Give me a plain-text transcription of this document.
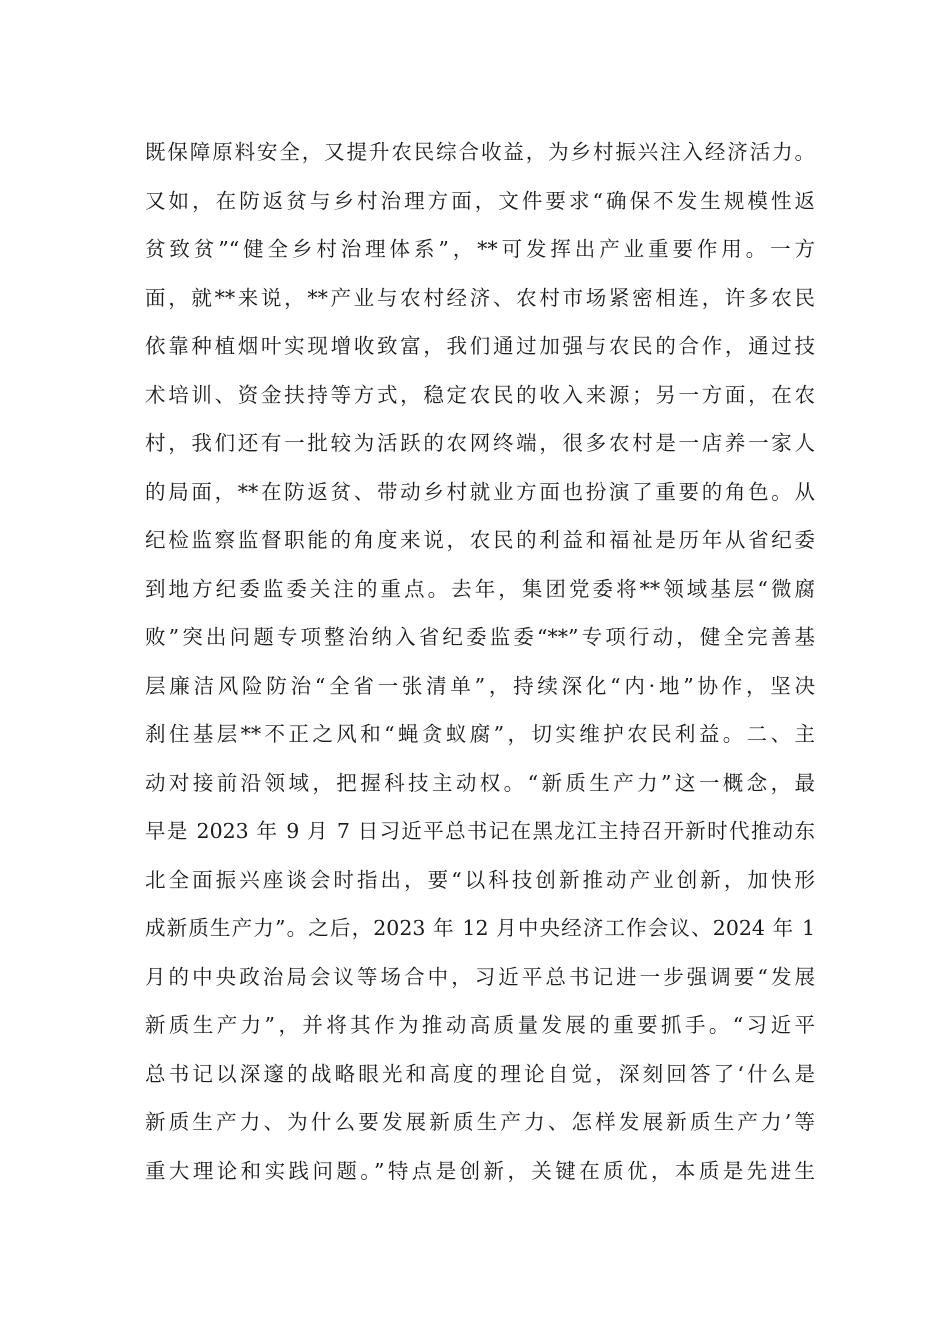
既保障原料安全，又提升农民综合收益，为乡村振兴注入经济活力。
又如，在防返贫与乡村治理方面，文件要求“确保不发生规模性返
贫致贫”“健全乡村治理体系”，**可发挥出产业重要作用。一方
面，就**来说，**产业与农村经济、农村市场紧密相连，许多农民
依靠种植烟叶实现增收致富，我们通过加强与农民的合作，通过技
术培训、资金扶持等方式，稳定农民的收入来源；另一方面，在农
村，我们还有一批较为活跃的农网终端，很多农村是一店养一家人
的局面，**在防返贫、带动乡村就业方面也扮演了重要的角色。从
纪检监察监督职能的角度来说，农民的利益和福祉是历年从省纪委
到地方纪委监委关注的重点。去年，集团党委将**领域基层“微腐
败”突出问题专项整治纳入省纪委监委“**”专项行动，健全完善基
层廉洁风险防治“全省一张清单”，持续深化“内·地”协作，坚决
刹住基层**不正之风和“蝇贪蚁腐”，切实维护农民利益。二、主
动对接前沿领域，把握科技主动权。“新质生产力”这一概念，最
早是 2023 年 9 月 7 日习近平总书记在黑龙江主持召开新时代推动东
北全面振兴座谈会时指出，要“以科技创新推动产业创新，加快形
成新质生产力”。之后，2023 年 12 月中央经济工作会议、2024 年 1
月的中央政治局会议等场合中，习近平总书记进一步强调要“发展
新质生产力”，并将其作为推动高质量发展的重要抓手。“习近平
总书记以深邃的战略眼光和高度的理论自觉，深刻回答了‘什么是
新质生产力、为什么要发展新质生产力、怎样发展新质生产力’等
重大理论和实践问题。”特点是创新，关键在质优，本质是先进生
